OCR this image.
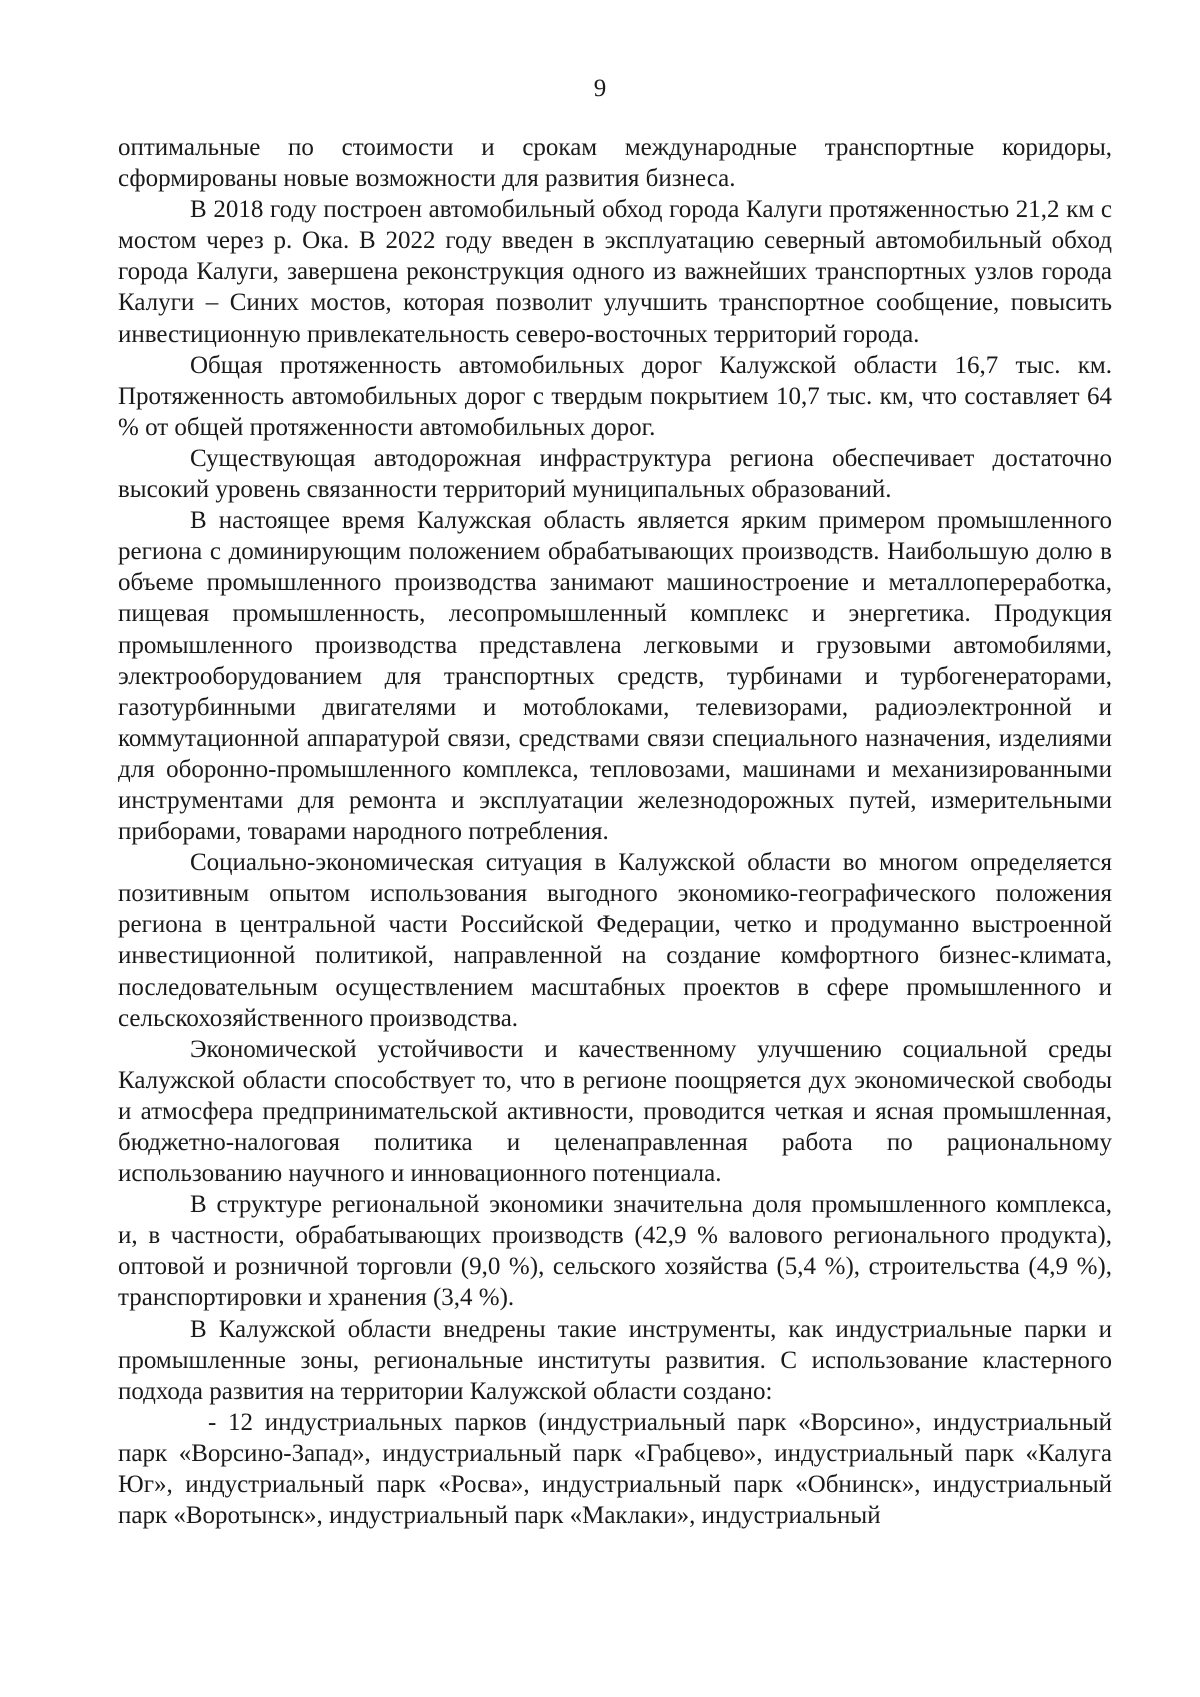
9

оптимальные по стоимости и срокам международные транспортные коридоры, сформированы новые возможности для развития бизнеса.

В 2018 году построен автомобильный обход города Калуги протяженностью 21,2 км с мостом через р. Ока. В 2022 году введен в эксплуатацию северный автомобильный обход города Калуги, завершена реконструкция одного из важнейших транспортных узлов города Калуги – Синих мостов, которая позволит улучшить транспортное сообщение, повысить инвестиционную привлекательность северо-восточных территорий города.

Общая протяженность автомобильных дорог Калужской области 16,7 тыс. км. Протяженность автомобильных дорог с твердым покрытием 10,7 тыс. км, что составляет 64 % от общей протяженности автомобильных дорог.

Существующая автодорожная инфраструктура региона обеспечивает достаточно высокий уровень связанности территорий муниципальных образований.

В настоящее время Калужская область является ярким примером промышленного региона с доминирующим положением обрабатывающих производств. Наибольшую долю в объеме промышленного производства занимают машиностроение и металлопереработка, пищевая промышленность, лесопромышленный комплекс и энергетика. Продукция промышленного производства представлена легковыми и грузовыми автомобилями, электрооборудованием для транспортных средств, турбинами и турбогенераторами, газотурбинными двигателями и мотоблоками, телевизорами, радиоэлектронной и коммутационной аппаратурой связи, средствами связи специального назначения, изделиями для оборонно-промышленного комплекса, тепловозами, машинами и механизированными инструментами для ремонта и эксплуатации железнодорожных путей, измерительными приборами, товарами народного потребления.

Социально-экономическая ситуация в Калужской области во многом определяется позитивным опытом использования выгодного экономико-географического положения региона в центральной части Российской Федерации, четко и продуманно выстроенной инвестиционной политикой, направленной на создание комфортного бизнес-климата, последовательным осуществлением масштабных проектов в сфере промышленного и сельскохозяйственного производства.

Экономической устойчивости и качественному улучшению социальной среды Калужской области способствует то, что в регионе поощряется дух экономической свободы и атмосфера предпринимательской активности, проводится четкая и ясная промышленная, бюджетно-налоговая политика и целенаправленная работа по рациональному использованию научного и инновационного потенциала.

В структуре региональной экономики значительна доля промышленного комплекса, и, в частности, обрабатывающих производств (42,9 % валового регионального продукта), оптовой и розничной торговли (9,0 %), сельского хозяйства (5,4 %), строительства (4,9 %), транспортировки и хранения (3,4 %).

В Калужской области внедрены такие инструменты, как индустриальные парки и промышленные зоны, региональные институты развития. С использование кластерного подхода развития на территории Калужской области создано:

- 12 индустриальных парков (индустриальный парк «Ворсино», индустриальный парк «Ворсино-Запад», индустриальный парк «Грабцево», индустриальный парк «Калуга Юг», индустриальный парк «Росва», индустриальный парк «Обнинск», индустриальный парк «Воротынск», индустриальный парк «Маклаки», индустриальный
